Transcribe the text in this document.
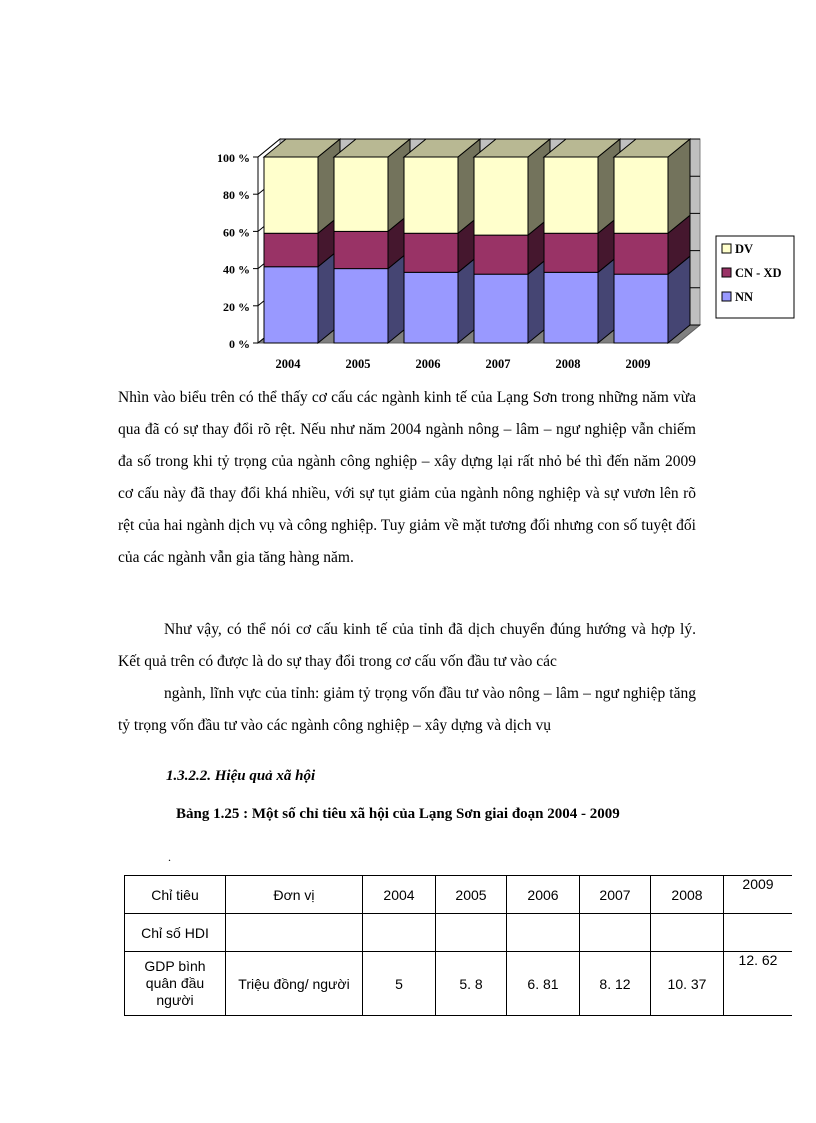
0 %
20 %
40 %
60 %
80 %
100 %
2004	2005	2006	2007	2008	2009
DV
CN - XD
NN

Nhìn vào biểu trên có thể thấy cơ cấu các ngành kinh tế của Lạng Sơn trong những năm vừa qua đã có sự thay đổi rõ rệt. Nếu như năm 2004 ngành nông – lâm – ngư nghiệp vẫn chiếm đa số trong khi tỷ trọng của ngành công nghiệp – xây dựng lại rất nhỏ bé thì đến năm 2009 cơ cấu này đã thay đổi khá nhiều, với sự tụt giảm của ngành nông nghiệp và sự vươn lên rõ rệt của hai ngành dịch vụ và công nghiệp. Tuy giảm về mặt tương đối nhưng con số tuyệt đối của các ngành vẫn gia tăng hàng năm.

Như vậy, có thể nói cơ cấu kinh tế của tỉnh đã dịch chuyển đúng hướng và hợp lý. Kết quả trên có được là do sự thay đổi trong cơ cấu vốn đầu tư vào các

ngành, lĩnh vực của tỉnh: giảm tỷ trọng vốn đầu tư vào nông – lâm – ngư nghiệp tăng tỷ trọng vốn đầu tư vào các ngành công nghiệp – xây dựng và dịch vụ

1.3.2.2. Hiệu quả xã hội

Bảng 1.25 : Một số chỉ tiêu xã hội của Lạng Sơn giai đoạn 2004 - 2009

.
Chỉ tiêu	Đơn vị	2004	2005	2006	2007	2008	2009
Chỉ số HDI							
GDP bình quân đầu người	Triệu đồng/ người	5	5. 8	6. 81	8. 12	10. 37	12. 62
